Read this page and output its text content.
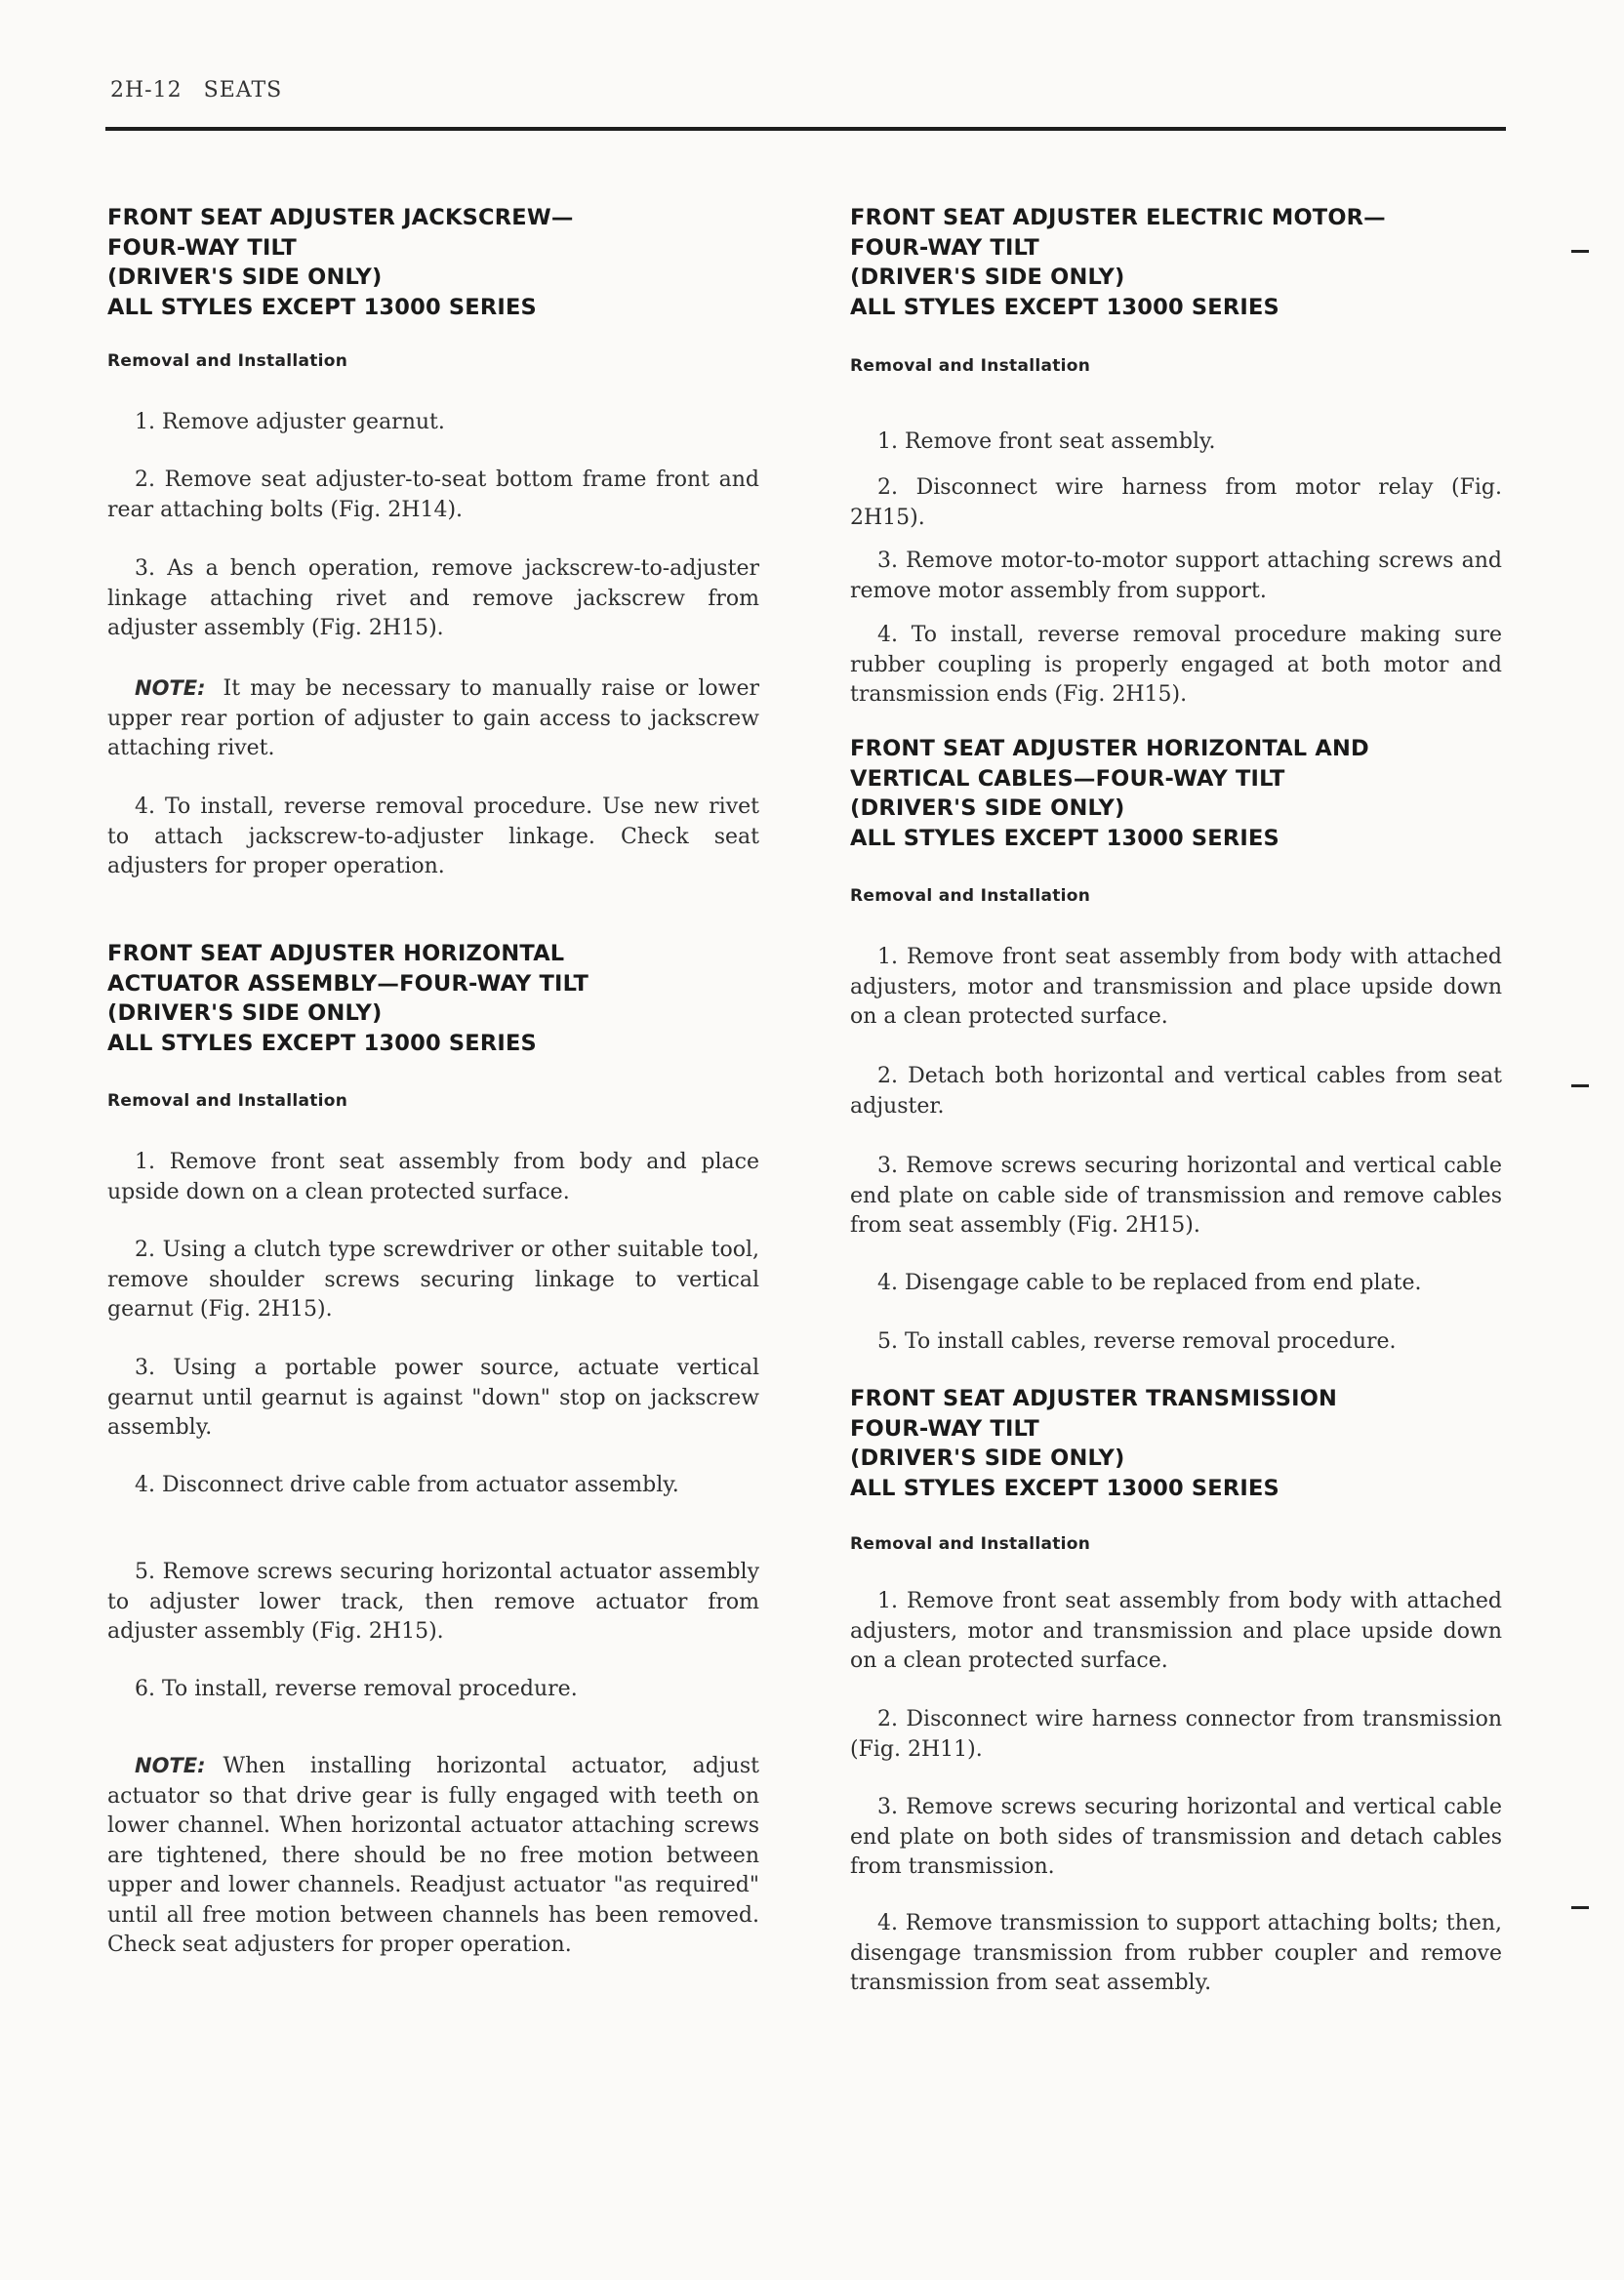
2H-12 SEATS
FRONT SEAT ADJUSTER JACKSCREW—
FOUR-WAY TILT
(DRIVER'S SIDE ONLY)
ALL STYLES EXCEPT 13000 SERIES
Removal and Installation
1. Remove adjuster gearnut.
2. Remove seat adjuster-to-seat bottom frame front and rear attaching bolts (Fig. 2H14).
3. As a bench operation, remove jackscrew-to-adjuster linkage attaching rivet and remove jackscrew from adjuster assembly (Fig. 2H15).
NOTE: It may be necessary to manually raise or lower upper rear portion of adjuster to gain access to jackscrew attaching rivet.
4. To install, reverse removal procedure. Use new rivet to attach jackscrew-to-adjuster linkage. Check seat adjusters for proper operation.
FRONT SEAT ADJUSTER HORIZONTAL
ACTUATOR ASSEMBLY—FOUR-WAY TILT
(DRIVER'S SIDE ONLY)
ALL STYLES EXCEPT 13000 SERIES
Removal and Installation
1. Remove front seat assembly from body and place upside down on a clean protected surface.
2. Using a clutch type screwdriver or other suitable tool, remove shoulder screws securing linkage to vertical gearnut (Fig. 2H15).
3. Using a portable power source, actuate vertical gearnut until gearnut is against "down" stop on jackscrew assembly.
4. Disconnect drive cable from actuator assembly.
5. Remove screws securing horizontal actuator assembly to adjuster lower track, then remove actuator from adjuster assembly (Fig. 2H15).
6. To install, reverse removal procedure.
NOTE: When installing horizontal actuator, adjust actuator so that drive gear is fully engaged with teeth on lower channel. When horizontal actuator attaching screws are tightened, there should be no free motion between upper and lower channels. Readjust actuator "as required" until all free motion between channels has been removed. Check seat adjusters for proper operation.
FRONT SEAT ADJUSTER ELECTRIC MOTOR—
FOUR-WAY TILT
(DRIVER'S SIDE ONLY)
ALL STYLES EXCEPT 13000 SERIES
Removal and Installation
1. Remove front seat assembly.
2. Disconnect wire harness from motor relay (Fig. 2H15).
3. Remove motor-to-motor support attaching screws and remove motor assembly from support.
4. To install, reverse removal procedure making sure rubber coupling is properly engaged at both motor and transmission ends (Fig. 2H15).
FRONT SEAT ADJUSTER HORIZONTAL AND
VERTICAL CABLES—FOUR-WAY TILT
(DRIVER'S SIDE ONLY)
ALL STYLES EXCEPT 13000 SERIES
Removal and Installation
1. Remove front seat assembly from body with attached adjusters, motor and transmission and place upside down on a clean protected surface.
2. Detach both horizontal and vertical cables from seat adjuster.
3. Remove screws securing horizontal and vertical cable end plate on cable side of transmission and remove cables from seat assembly (Fig. 2H15).
4. Disengage cable to be replaced from end plate.
5. To install cables, reverse removal procedure.
FRONT SEAT ADJUSTER TRANSMISSION
FOUR-WAY TILT
(DRIVER'S SIDE ONLY)
ALL STYLES EXCEPT 13000 SERIES
Removal and Installation
1. Remove front seat assembly from body with attached adjusters, motor and transmission and place upside down on a clean protected surface.
2. Disconnect wire harness connector from transmission (Fig. 2H11).
3. Remove screws securing horizontal and vertical cable end plate on both sides of transmission and detach cables from transmission.
4. Remove transmission to support attaching bolts; then, disengage transmission from rubber coupler and remove transmission from seat assembly.
